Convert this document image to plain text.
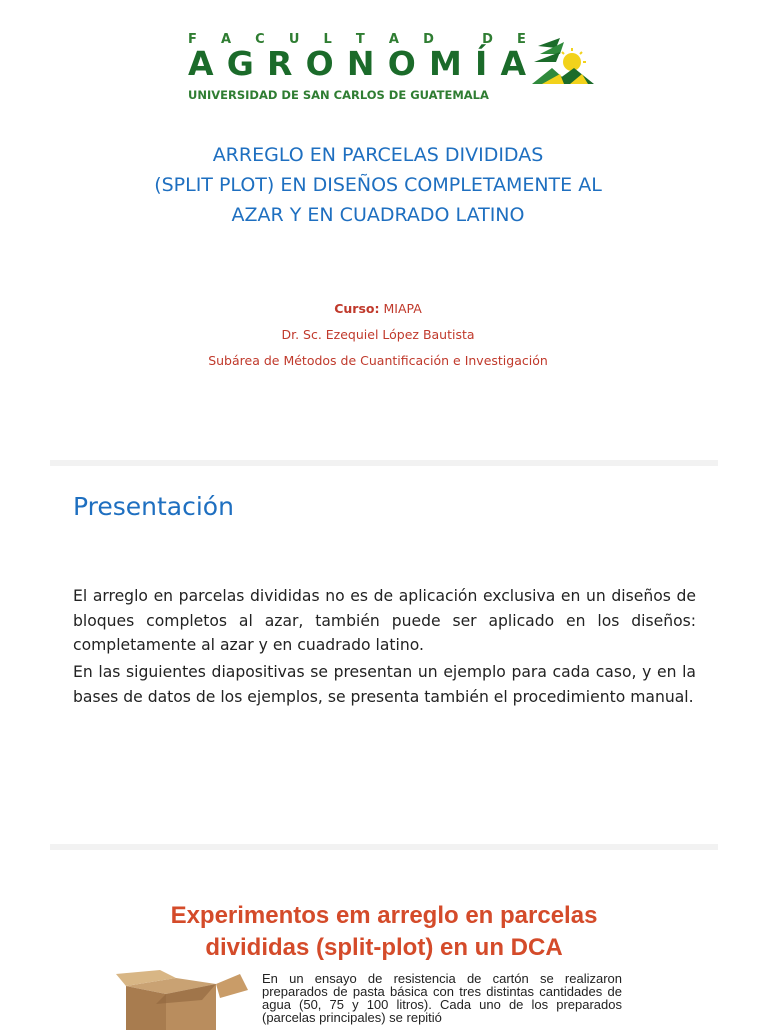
F A C U L T A D	D E
A G R O N O M Í A
UNIVERSIDAD DE SAN CARLOS DE GUATEMALA
ARREGLO EN PARCELAS DIVIDIDAS
(SPLIT PLOT) EN DISEÑOS COMPLETAMENTE AL
AZAR Y EN CUADRADO LATINO
Curso: MIAPA
Dr. Sc. Ezequiel López Bautista
Subárea de Métodos de Cuantificación e Investigación
Presentación
El arreglo en parcelas divididas no es de aplicación exclusiva en un diseños de bloques completos al azar, también puede ser aplicado en los diseños: completamente al azar y en cuadrado latino.
En las siguientes diapositivas se presentan un ejemplo para cada caso, y en la bases de datos de los ejemplos, se presenta también el procedimiento manual.
Experimentos em arreglo en parcelas
divididas (split-plot) en un DCA
En un ensayo de resistencia de cartón se realizaron preparados de pasta básica con tres distintas cantidades de agua (50, 75 y 100 litros). Cada uno de los preparados (parcelas principales) se repitió
